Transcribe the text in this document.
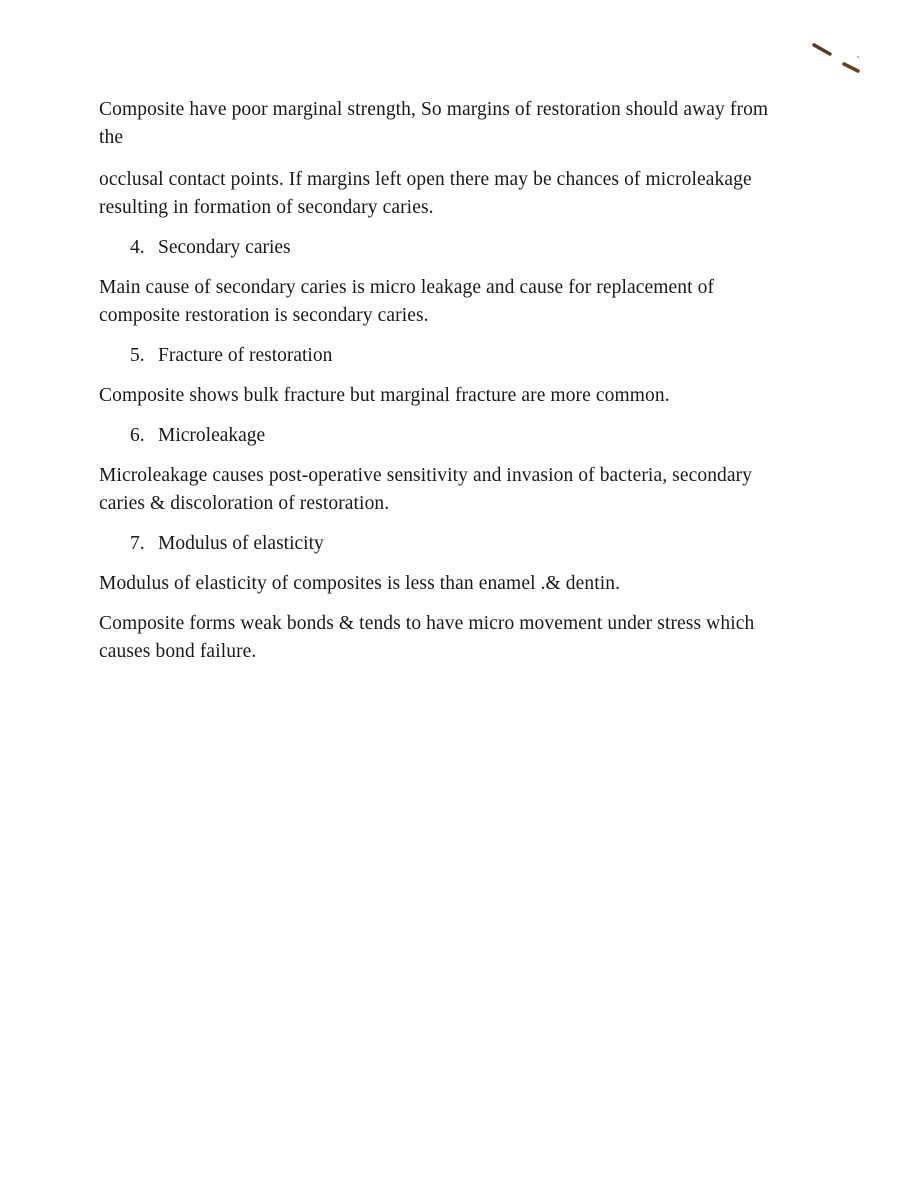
Composite have poor marginal strength, So margins of restoration should away from the

occlusal contact points. If margins left open there may be chances of microleakage resulting in formation of secondary caries.

4. Secondary caries

Main cause of secondary caries is micro leakage and cause for replacement of composite restoration is secondary caries.

5. Fracture of restoration

Composite shows bulk fracture but marginal fracture are more common.

6. Microleakage

Microleakage causes post-operative sensitivity and invasion of bacteria, secondary caries & discoloration of restoration.

7. Modulus of elasticity

Modulus of elasticity of composites is less than enamel .& dentin.

Composite forms weak bonds & tends to have micro movement under stress which causes bond failure.
